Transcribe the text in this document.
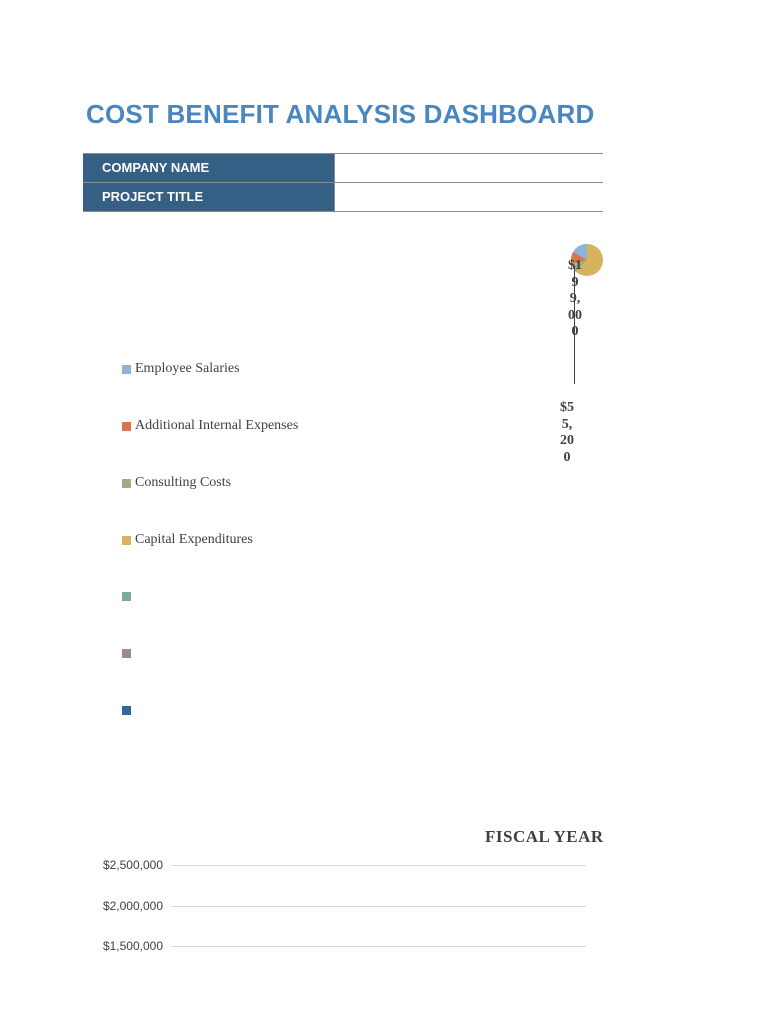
COST BENEFIT ANALYSIS DASHBOARD
COMPANY NAME
PROJECT TITLE
Employee Salaries
Additional Internal Expenses
Consulting Costs
Capital Expenditures
$199,000
$55,200
FISCAL YEAR
$2,500,000
$2,000,000
$1,500,000
